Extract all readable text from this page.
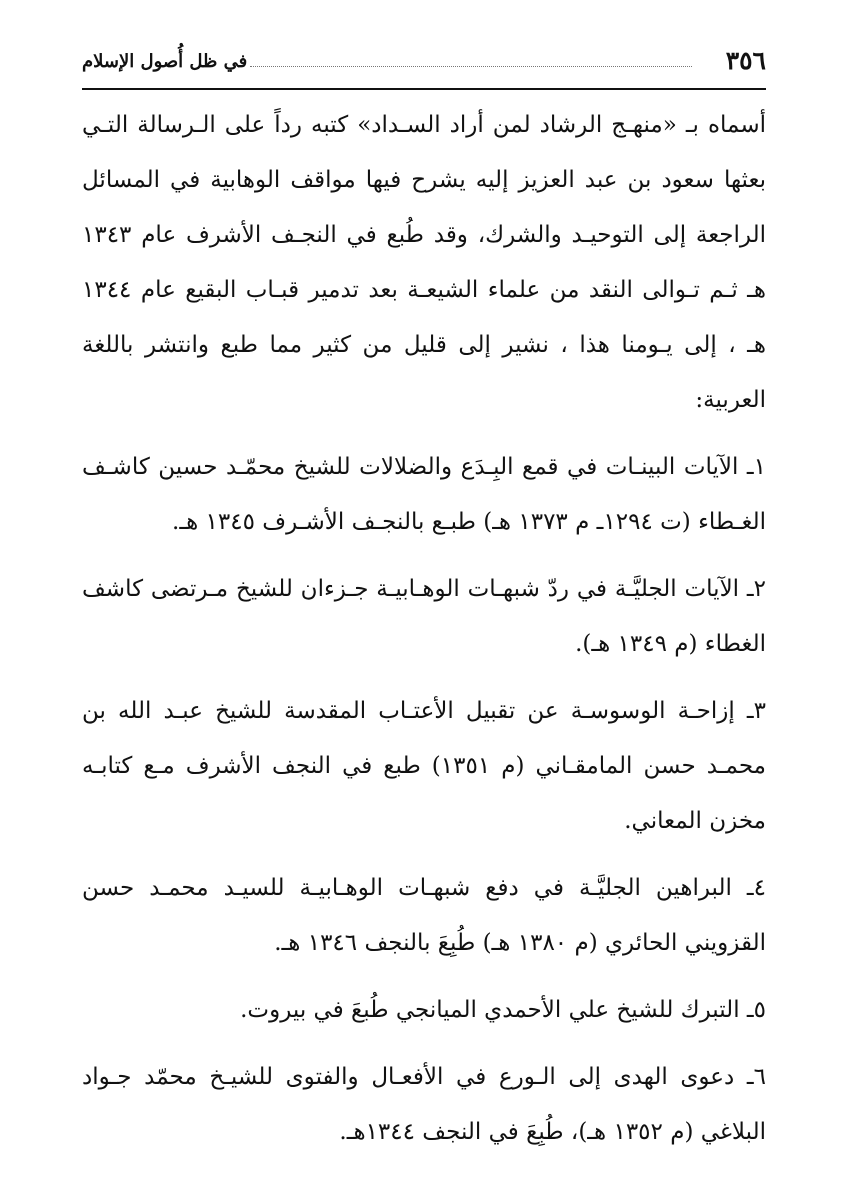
٣٥٦
في ظل أُصول الإسلام

أسماه بـ «منهـج الرشاد لمن أراد السـداد» كتبه رداً على الـرسالة التـي بعثها سعود بن عبد العزيز إليه يشرح فيها مواقف الوهابية في المسائل الراجعة إلى التوحيـد والشرك، وقد طُبع في النجـف الأشرف عام ١٣٤٣ هـ ثـم تـوالى النقد من علماء الشيعـة بعد تدمير قبـاب البقيع عام ١٣٤٤ هـ ، إلى يـومنا هذا ، نشير إلى قليل من كثير مما طبع وانتشر باللغة العربية:

١ـ الآيات البينـات في قمع البِـدَع والضلالات للشيخ محمّـد حسين كاشـف الغـطاء (ت ١٢٩٤ـ م ١٣٧٣ هـ) طبـع بالنجـف الأشـرف ١٣٤٥ هـ.

٢ـ الآيات الجليَّـة في ردّ شبهـات الوهـابيـة جـزءان للشيخ مـرتضى كاشف الغطاء (م ١٣٤٩ هـ).

٣ـ إزاحـة الوسوسـة عن تقبيل الأعتـاب المقدسة للشيخ عبـد الله بن محمـد حسن المامقـاني (م ١٣٥١) طبع في النجف الأشرف مـع كتابـه مخزن المعاني.

٤ـ البراهين الجليَّـة في دفع شبهـات الوهـابيـة للسيـد محمـد حسن القزويني الحائري (م ١٣٨٠ هـ) طُبِعَ بالنجف ١٣٤٦ هـ.

٥ـ التبرك للشيخ علي الأحمدي الميانجي طُبعَ في بيروت.

٦ـ دعوى الهدى إلى الـورع في الأفعـال والفتوى للشيـخ محمّد جـواد البلاغي (م ١٣٥٢ هـ)، طُبِعَ في النجف ١٣٤٤هـ.
